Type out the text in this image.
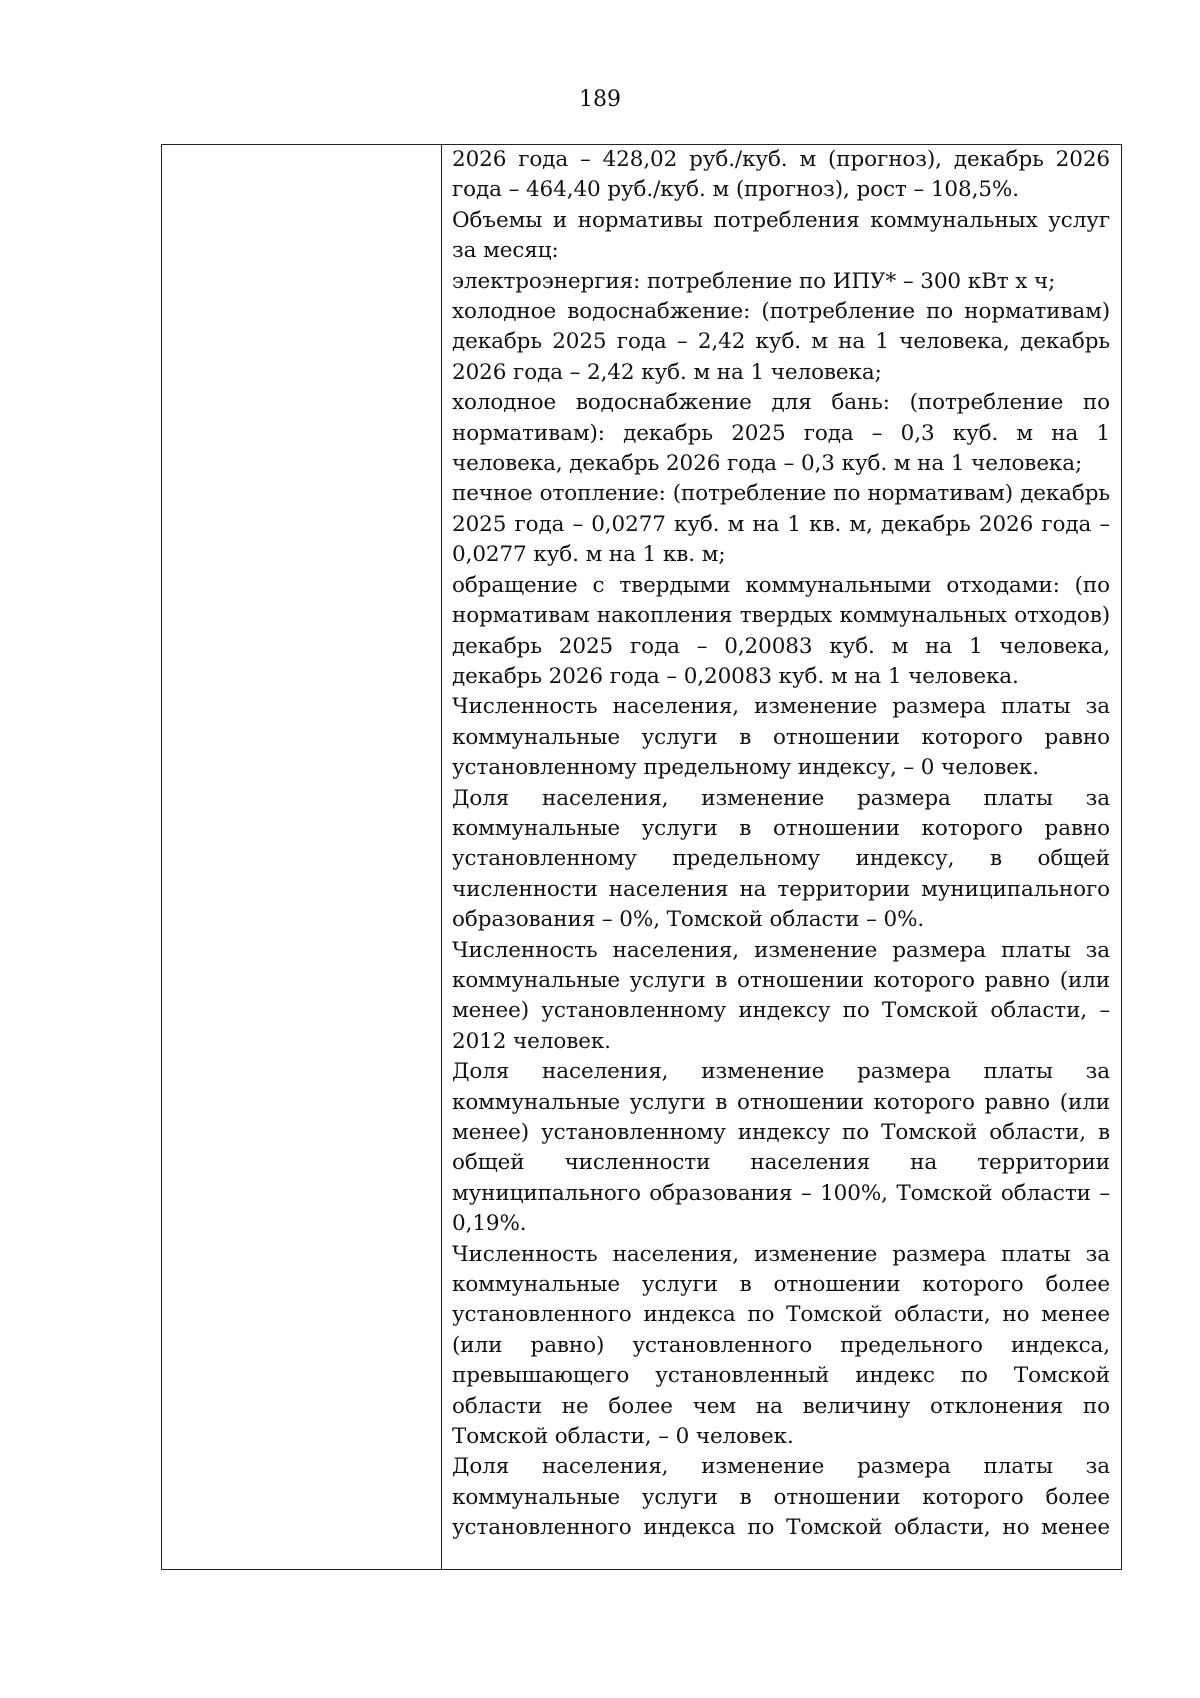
189

2026 года – 428,02 руб./куб. м (прогноз), декабрь 2026 года – 464,40 руб./куб. м (прогноз), рост – 108,5%.

Объемы и нормативы потребления коммунальных услуг за месяц:

электроэнергия: потребление по ИПУ* – 300 кВт х ч;

холодное водоснабжение: (потребление по нормативам) декабрь 2025 года – 2,42 куб. м на 1 человека, декабрь 2026 года – 2,42 куб. м на 1 человека;

холодное водоснабжение для бань: (потребление по нормативам): декабрь 2025 года – 0,3 куб. м на 1 человека, декабрь 2026 года – 0,3 куб. м на 1 человека;

печное отопление: (потребление по нормативам) декабрь 2025 года – 0,0277 куб. м на 1 кв. м, декабрь 2026 года – 0,0277 куб. м на 1 кв. м;

обращение с твердыми коммунальными отходами: (по нормативам накопления твердых коммунальных отходов) декабрь 2025 года – 0,20083 куб. м на 1 человека, декабрь 2026 года – 0,20083 куб. м на 1 человека.

Численность населения, изменение размера платы за коммунальные услуги в отношении которого равно установленному предельному индексу, – 0 человек.

Доля населения, изменение размера платы за коммунальные услуги в отношении которого равно установленному предельному индексу, в общей численности населения на территории муниципального образования – 0%, Томской области – 0%.

Численность населения, изменение размера платы за коммунальные услуги в отношении которого равно (или менее) установленному индексу по Томской области, – 2012 человек.

Доля населения, изменение размера платы за коммунальные услуги в отношении которого равно (или менее) установленному индексу по Томской области, в общей численности населения на территории муниципального образования – 100%, Томской области – 0,19%.

Численность населения, изменение размера платы за коммунальные услуги в отношении которого более установленного индекса по Томской области, но менее (или равно) установленного предельного индекса, превышающего установленный индекс по Томской области не более чем на величину отклонения по Томской области, – 0 человек.

Доля населения, изменение размера платы за коммунальные услуги в отношении которого более установленного индекса по Томской области, но менее
